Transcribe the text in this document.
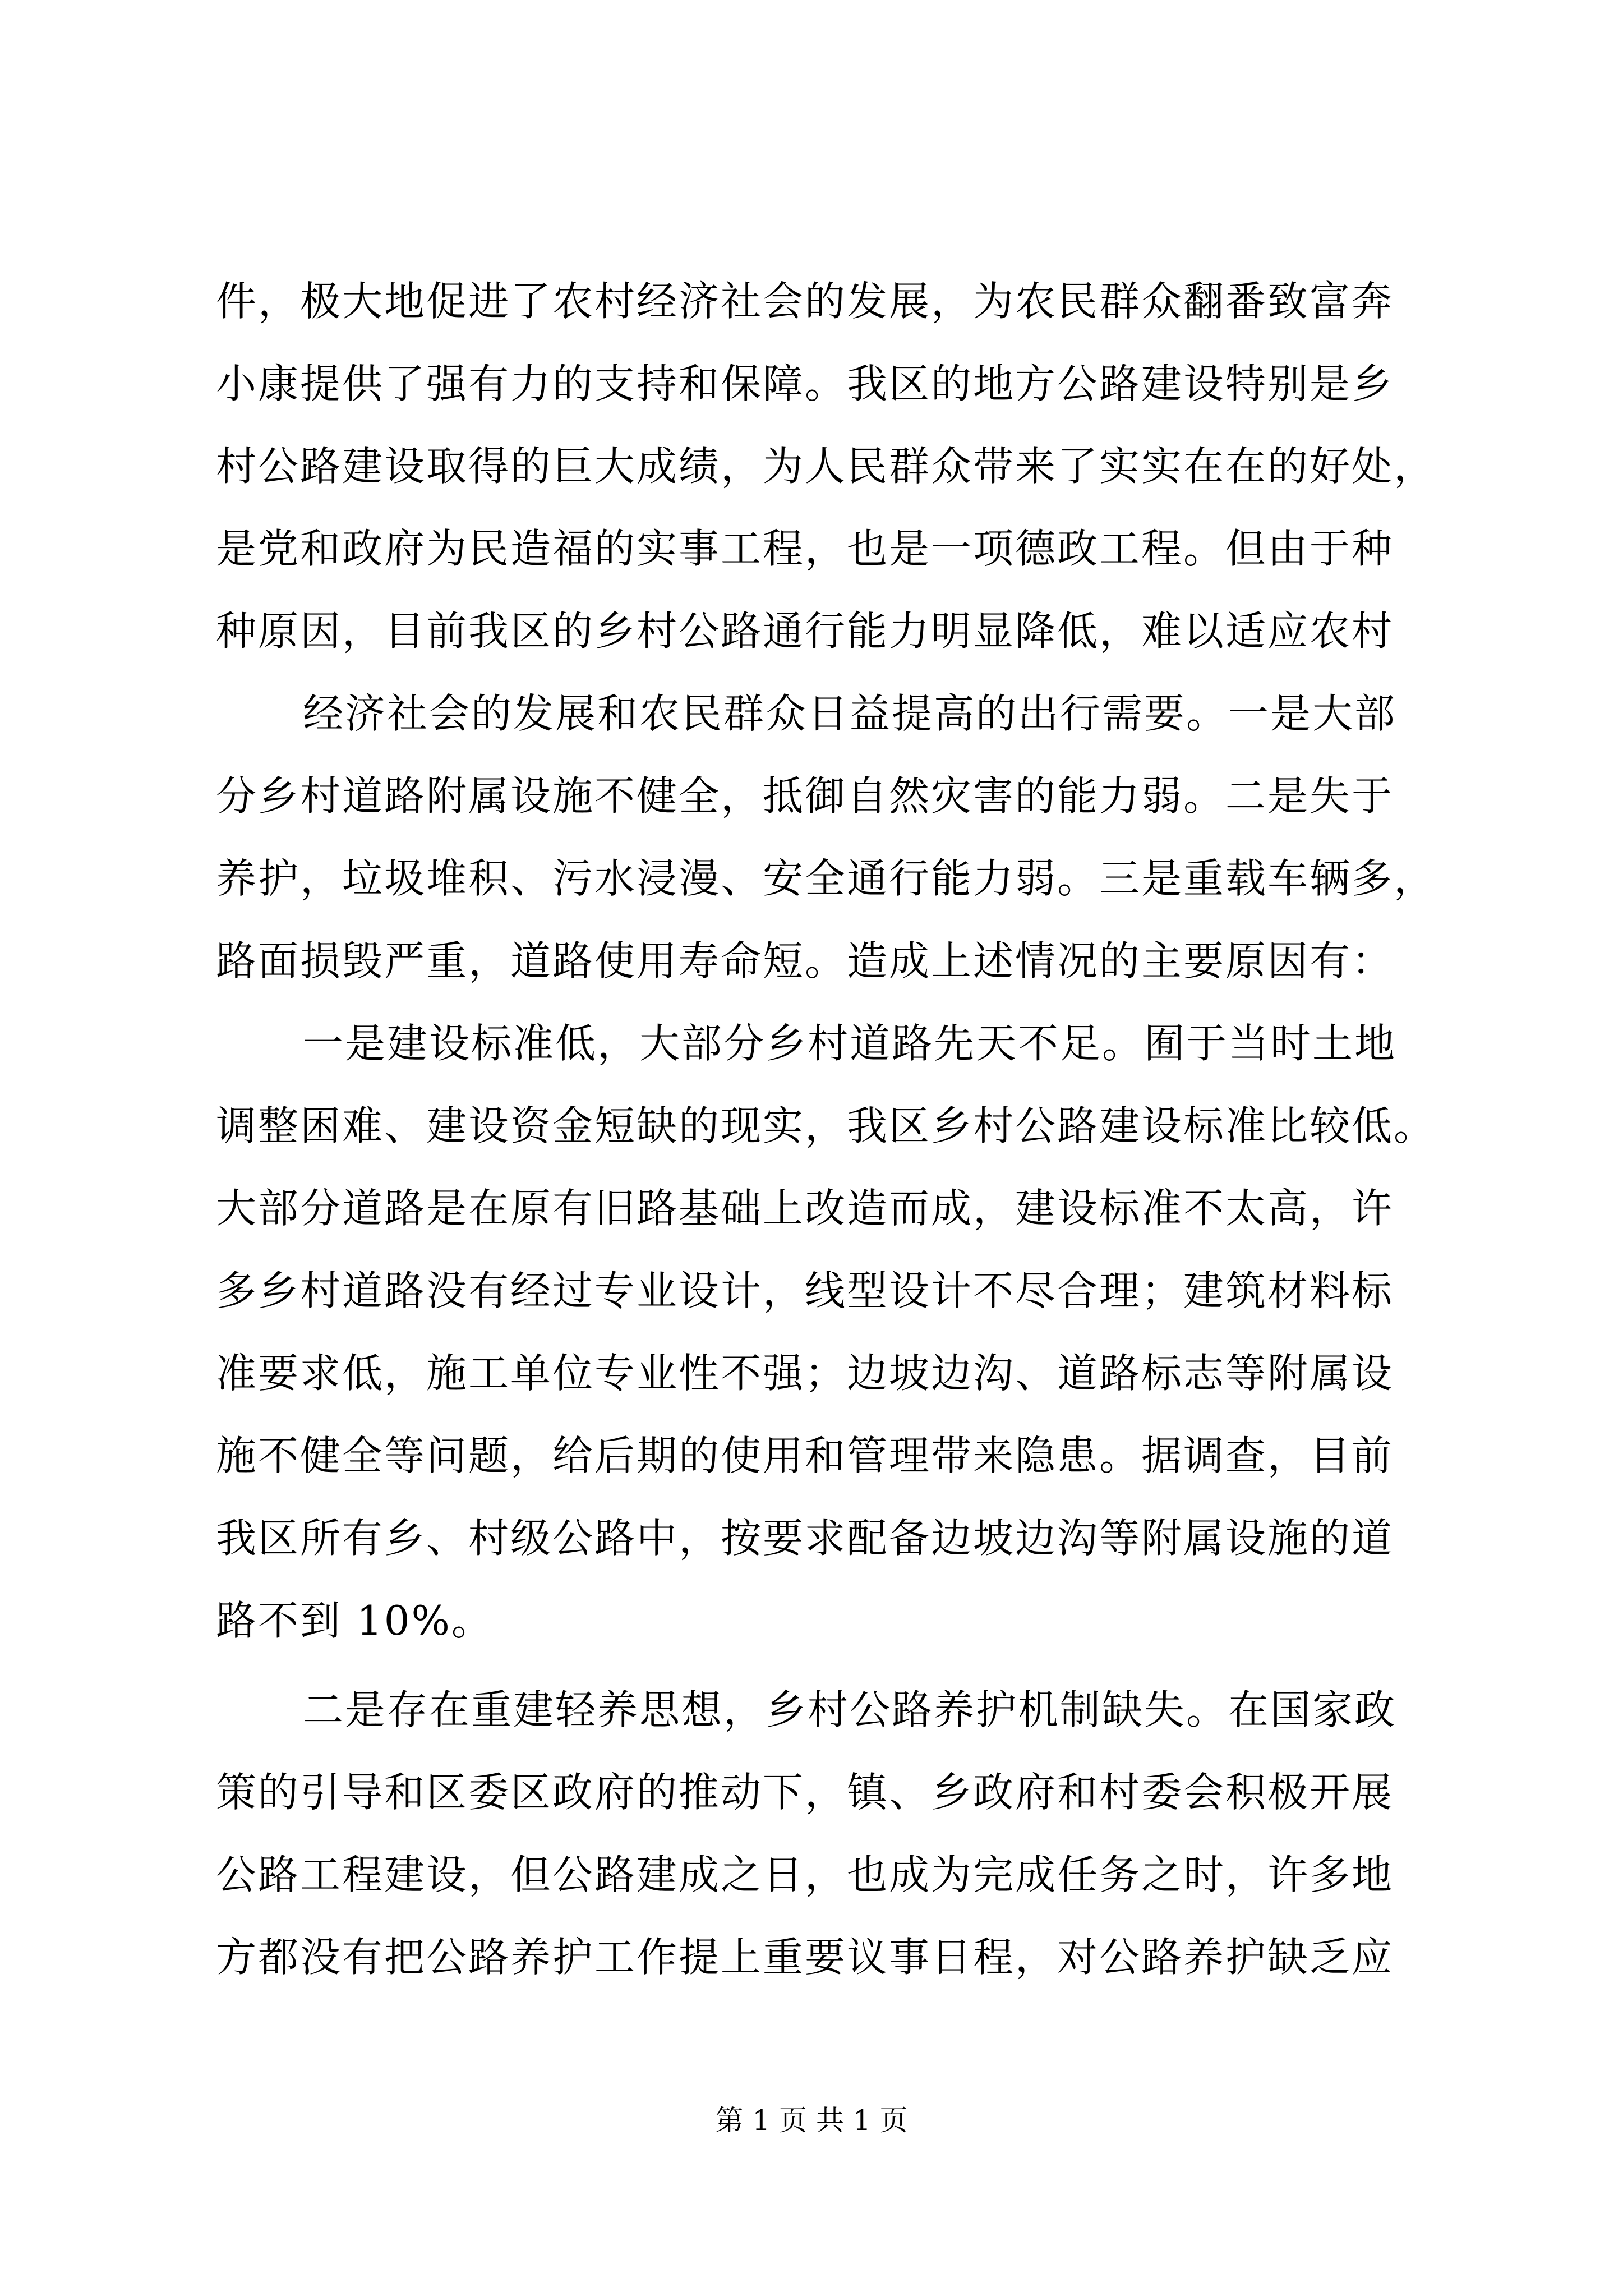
件，极大地促进了农村经济社会的发展，为农民群众翻番致富奔
小康提供了强有力的支持和保障。我区的地方公路建设特别是乡
村公路建设取得的巨大成绩，为人民群众带来了实实在在的好处，
是党和政府为民造福的实事工程，也是一项德政工程。但由于种
种原因，目前我区的乡村公路通行能力明显降低，难以适应农村
经济社会的发展和农民群众日益提高的出行需要。一是大部
分乡村道路附属设施不健全，抵御自然灾害的能力弱。二是失于
养护，垃圾堆积、污水浸漫、安全通行能力弱。三是重载车辆多，
路面损毁严重，道路使用寿命短。造成上述情况的主要原因有：
一是建设标准低，大部分乡村道路先天不足。囿于当时土地
调整困难、建设资金短缺的现实，我区乡村公路建设标准比较低。
大部分道路是在原有旧路基础上改造而成，建设标准不太高，许
多乡村道路没有经过专业设计，线型设计不尽合理；建筑材料标
准要求低，施工单位专业性不强；边坡边沟、道路标志等附属设
施不健全等问题，给后期的使用和管理带来隐患。据调查，目前
我区所有乡、村级公路中，按要求配备边坡边沟等附属设施的道
路不到 10%。
二是存在重建轻养思想，乡村公路养护机制缺失。在国家政
策的引导和区委区政府的推动下，镇、乡政府和村委会积极开展
公路工程建设，但公路建成之日，也成为完成任务之时，许多地
方都没有把公路养护工作提上重要议事日程，对公路养护缺乏应
第 1 页 共 1 页
